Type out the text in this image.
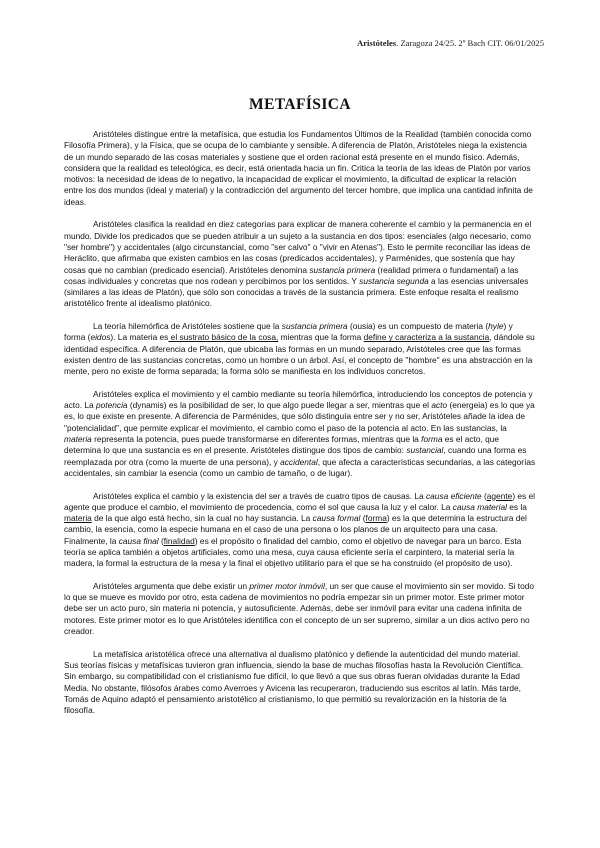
Aristóteles. Zaragoza 24/25. 2º Bach CIT. 06/01/2025
METAFÍSICA

Aristóteles distingue entre la metafísica, que estudia los Fundamentos Últimos de la Realidad (también conocida como Filosofía Primera), y la Física, que se ocupa de lo cambiante y sensible. A diferencia de Platón, Aristóteles niega la existencia de un mundo separado de las cosas materiales y sostiene que el orden racional está presente en el mundo físico. Además, considera que la realidad es teleológica, es decir, está orientada hacia un fin. Critica la teoría de las ideas de Platón por varios motivos: la necesidad de ideas de lo negativo, la incapacidad de explicar el movimiento, la dificultad de explicar la relación entre los dos mundos (ideal y material) y la contradicción del argumento del tercer hombre, que implica una cantidad infinita de ideas.

Aristóteles clasifica la realidad en diez categorías para explicar de manera coherente el cambio y la permanencia en el mundo. Divide los predicados que se pueden atribuir a un sujeto a la sustancia en dos tipos: esenciales (algo necesario, como "ser hombre") y accidentales (algo circunstancial, como "ser calvo" o "vivir en Atenas"). Esto le permite reconciliar las ideas de Heráclito, que afirmaba que existen cambios en las cosas (predicados accidentales), y Parménides, que sostenía que hay cosas que no cambian (predicado esencial). Aristóteles denomina sustancia primera (realidad primera o fundamental) a las cosas individuales y concretas que nos rodean y percibimos por los sentidos. Y sustancia segunda a las esencias universales (similares a las ideas de Platón), que sólo son conocidas a través de la sustancia primera. Este enfoque resalta el realismo aristotélico frente al idealismo platónico.

La teoría hilemórfica de Aristóteles sostiene que la sustancia primera (ousia) es un compuesto de materia (hyle) y forma (eidos). La materia es el sustrato básico de la cosa, mientras que la forma define y caracteriza a la sustancia, dándole su identidad específica. A diferencia de Platón, que ubicaba las formas en un mundo separado, Aristóteles cree que las formas existen dentro de las sustancias concretas, como un hombre o un árbol. Así, el concepto de "hombre" es una abstracción en la mente, pero no existe de forma separada; la forma sólo se manifiesta en los individuos concretos.

Aristóteles explica el movimiento y el cambio mediante su teoría hilemórfica, introduciendo los conceptos de potencia y acto. La potencia (dynamis) es la posibilidad de ser, lo que algo puede llegar a ser, mientras que el acto (energeia) es lo que ya es, lo que existe en presente. A diferencia de Parménides, que sólo distinguía entre ser y no ser, Aristóteles añade la idea de "potencialidad", que permite explicar el movimiento, el cambio como el paso de la potencia al acto. En las sustancias, la materia representa la potencia, pues puede transformarse en diferentes formas, mientras que la forma es el acto, que determina lo que una sustancia es en el presente. Aristóteles distingue dos tipos de cambio: sustancial, cuando una forma es reemplazada por otra (como la muerte de una persona), y accidental, que afecta a características secundarias, a las categorías accidentales, sin cambiar la esencia (como un cambio de tamaño, o de lugar).

Aristóteles explica el cambio y la existencia del ser a través de cuatro tipos de causas. La causa eficiente (agente) es el agente que produce el cambio, el movimiento de procedencia, como el sol que causa la luz y el calor. La causa material es la materia de la que algo está hecho, sin la cual no hay sustancia. La causa formal (forma) es la que determina la estructura del cambio, la esencia, como la especie humana en el caso de una persona o los planos de un arquitecto para una casa. Finalmente, la causa final (finalidad) es el propósito o finalidad del cambio, como el objetivo de navegar para un barco. Esta teoría se aplica también a objetos artificiales, como una mesa, cuya causa eficiente sería el carpintero, la material sería la madera, la formal la estructura de la mesa y la final el objetivo utilitario para el que se ha construido (el propósito de uso).

Aristóteles argumenta que debe existir un primer motor inmóvil, un ser que cause el movimiento sin ser movido. Si todo lo que se mueve es movido por otro, esta cadena de movimientos no podría empezar sin un primer motor. Este primer motor debe ser un acto puro, sin materia ni potencia, y autosuficiente. Además, debe ser inmóvil para evitar una cadena infinita de motores. Este primer motor es lo que Aristóteles identifica con el concepto de un ser supremo, similar a un dios activo pero no creador.

La metafísica aristotélica ofrece una alternativa al dualismo platónico y defiende la autenticidad del mundo material. Sus teorías físicas y metafísicas tuvieron gran influencia, siendo la base de muchas filosofías hasta la Revolución Científica. Sin embargo, su compatibilidad con el cristianismo fue difícil, lo que llevó a que sus obras fueran olvidadas durante la Edad Media. No obstante, filósofos árabes como Averroes y Avicena las recuperaron, traduciendo sus escritos al latín. Más tarde, Tomás de Aquino adaptó el pensamiento aristotélico al cristianismo, lo que permitió su revalorización en la historia de la filosofía.
